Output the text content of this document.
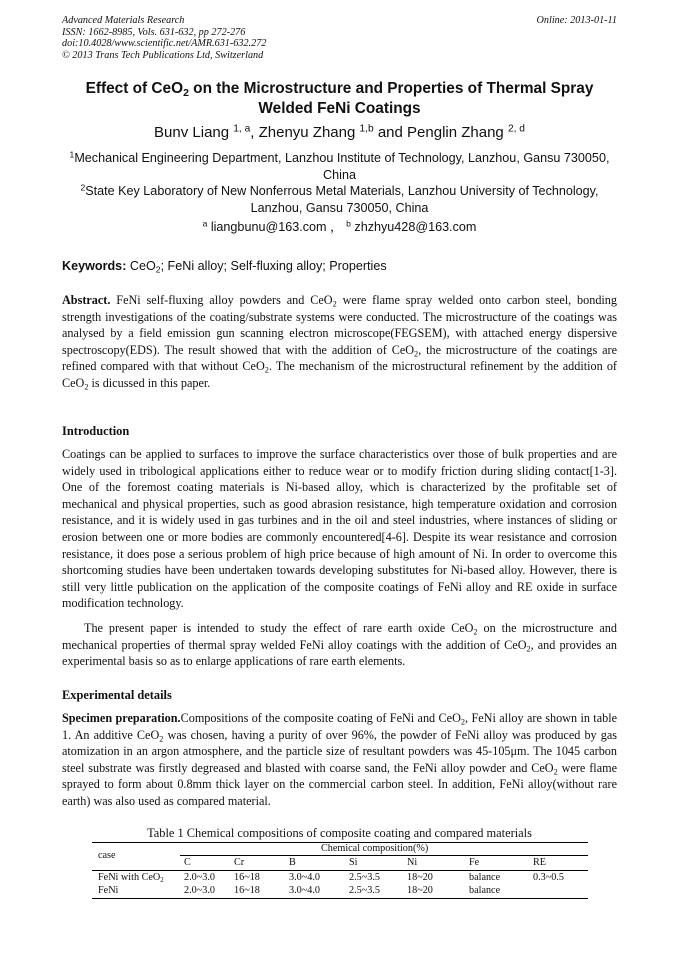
Advanced Materials Research
ISSN: 1662-8985, Vols. 631-632, pp 272-276
doi:10.4028/www.scientific.net/AMR.631-632.272
© 2013 Trans Tech Publications Ltd, Switzerland
Online: 2013-01-11
Effect of CeO$_2$ on the Microstructure and Properties of Thermal Spray
Welded FeNi Coatings
Bunv Liang $^{1, a}$, Zhenyu Zhang $^{1,b}$ and Penglin Zhang $^{2, d}$
$^1$Mechanical Engineering Department, Lanzhou Institute of Technology, Lanzhou, Gansu 730050, China
$^2$State Key Laboratory of New Nonferrous Metal Materials, Lanzhou University of Technology, Lanzhou, Gansu 730050, China
$^a$ liangbunu@163.com ， $^b$ zhzhyu428@163.com
Keywords: CeO$_2$; FeNi alloy; Self-fluxing alloy; Properties
Abstract. FeNi self-fluxing alloy powders and CeO$_2$ were flame spray welded onto carbon steel, bonding strength investigations of the coating/substrate systems were conducted. The microstructure of the coatings was analysed by a field emission gun scanning electron microscope(FEGSEM), with attached energy dispersive spectroscopy(EDS). The result showed that with the addition of CeO$_2$, the microstructure of the coatings are refined compared with that without CeO$_2$. The mechanism of the microstructural refinement by the addition of CeO$_2$ is dicussed in this paper.
Introduction
Coatings can be applied to surfaces to improve the surface characteristics over those of bulk properties and are widely used in tribological applications either to reduce wear or to modify friction during sliding contact[1-3]. One of the foremost coating materials is Ni-based alloy, which is characterized by the profitable set of mechanical and physical properties, such as good abrasion resistance, high temperature oxidation and corrosion resistance, and it is widely used in gas turbines and in the oil and steel industries, where instances of sliding or erosion between one or more bodies are commonly encountered[4-6]. Despite its wear resistance and corrosion resistance, it does pose a serious problem of high price because of high amount of Ni. In order to overcome this shortcoming studies have been undertaken towards developing substitutes for Ni-based alloy. However, there is still very little publication on the application of the composite coatings of FeNi alloy and RE oxide in surface modification technology.
The present paper is intended to study the effect of rare earth oxide CeO$_2$ on the microstructure and mechanical properties of thermal spray welded FeNi alloy coatings with the addition of CeO$_2$, and provides an experimental basis so as to enlarge applications of rare earth elements.
Experimental details
Specimen preparation.Compositions of the composite coating of FeNi and CeO$_2$, FeNi alloy are shown in table 1. An additive CeO$_2$ was chosen, having a purity of over 96%, the powder of FeNi alloy was produced by gas atomization in an argon atmosphere, and the particle size of resultant powders was 45-105μm. The 1045 carbon steel substrate was firstly degreased and blasted with coarse sand, the FeNi alloy powder and CeO$_2$ were flame sprayed to form about 0.8mm thick layer on the commercial carbon steel. In addition, FeNi alloy(without rare earth) was also used as compared material.
Table 1 Chemical compositions of composite coating and compared materials
case
Chemical composition(%)
C	Cr	B	Si	Ni	Fe	RE
FeNi with CeO$_2$ 2.0~3.0 16~18	3.0~4.0	2.5~3.5	18~20	balance	0.3~0.5
FeNi	2.0~3.0 16~18	3.0~4.0	2.5~3.5	18~20	balance
